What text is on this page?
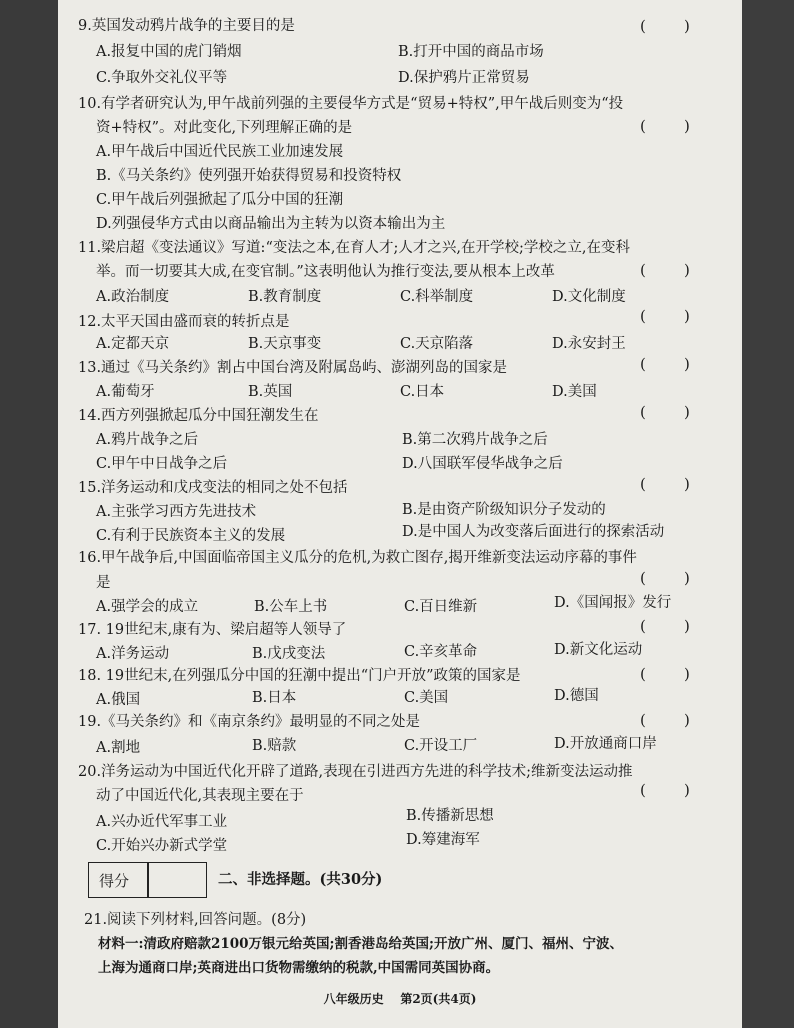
9.英国发动鸦片战争的主要目的是	(        )
A.报复中国的虎门销烟	B.打开中国的商品市场
C.争取外交礼仪平等	D.保护鸦片正常贸易
10.有学者研究认为,甲午战前列强的主要侵华方式是“贸易+特权”,甲午战后则变为“投
资+特权”。对此变化,下列理解正确的是	(        )
A.甲午战后中国近代民族工业加速发展
B.《马关条约》使列强开始获得贸易和投资特权
C.甲午战后列强掀起了瓜分中国的狂潮
D.列强侵华方式由以商品输出为主转为以资本输出为主
11.梁启超《变法通议》写道:“变法之本,在育人才;人才之兴,在开学校;学校之立,在变科
举。而一切要其大成,在变官制。”这表明他认为推行变法,要从根本上改革	(        )
A.政治制度	B.教育制度	C.科举制度	D.文化制度
12.太平天国由盛而衰的转折点是	(        )
A.定都天京	B.天京事变	C.天京陷落	D.永安封王
13.通过《马关条约》割占中国台湾及附属岛屿、澎湖列岛的国家是	(        )
A.葡萄牙	B.英国	C.日本	D.美国
14.西方列强掀起瓜分中国狂潮发生在	(        )
A.鸦片战争之后	B.第二次鸦片战争之后
C.甲午中日战争之后	D.八国联军侵华战争之后
15.洋务运动和戊戌变法的相同之处不包括	(        )
A.主张学习西方先进技术	B.是由资产阶级知识分子发动的
C.有利于民族资本主义的发展	D.是中国人为改变落后面进行的探索活动
16.甲午战争后,中国面临帝国主义瓜分的危机,为救亡图存,揭开维新变法运动序幕的事件
是	(        )
A.强学会的成立	B.公车上书	C.百日维新	D.《国闻报》发行
17. 19世纪末,康有为、梁启超等人领导了	(        )
A.洋务运动	B.戊戌变法	C.辛亥革命	D.新文化运动
18. 19世纪末,在列强瓜分中国的狂潮中提出“门户开放”政策的国家是	(        )
A.俄国	B.日本	C.美国	D.德国
19.《马关条约》和《南京条约》最明显的不同之处是	(        )
A.割地	B.赔款	C.开设工厂	D.开放通商口岸
20.洋务运动为中国近代化开辟了道路,表现在引进西方先进的科学技术;维新变法运动推
动了中国近代化,其表现主要在于	(        )
A.兴办近代军事工业	B.传播新思想
C.开始兴办新式学堂	D.筹建海军
二、非选择题。(共30分)
21.阅读下列材料,回答问题。(8分)
材料一:清政府赔款2100万银元给英国;割香港岛给英国;开放广州、厦门、福州、宁波、
上海为通商口岸;英商进出口货物需缴纳的税款,中国需同英国协商。
八年级历史 第2页(共4页)
得分
